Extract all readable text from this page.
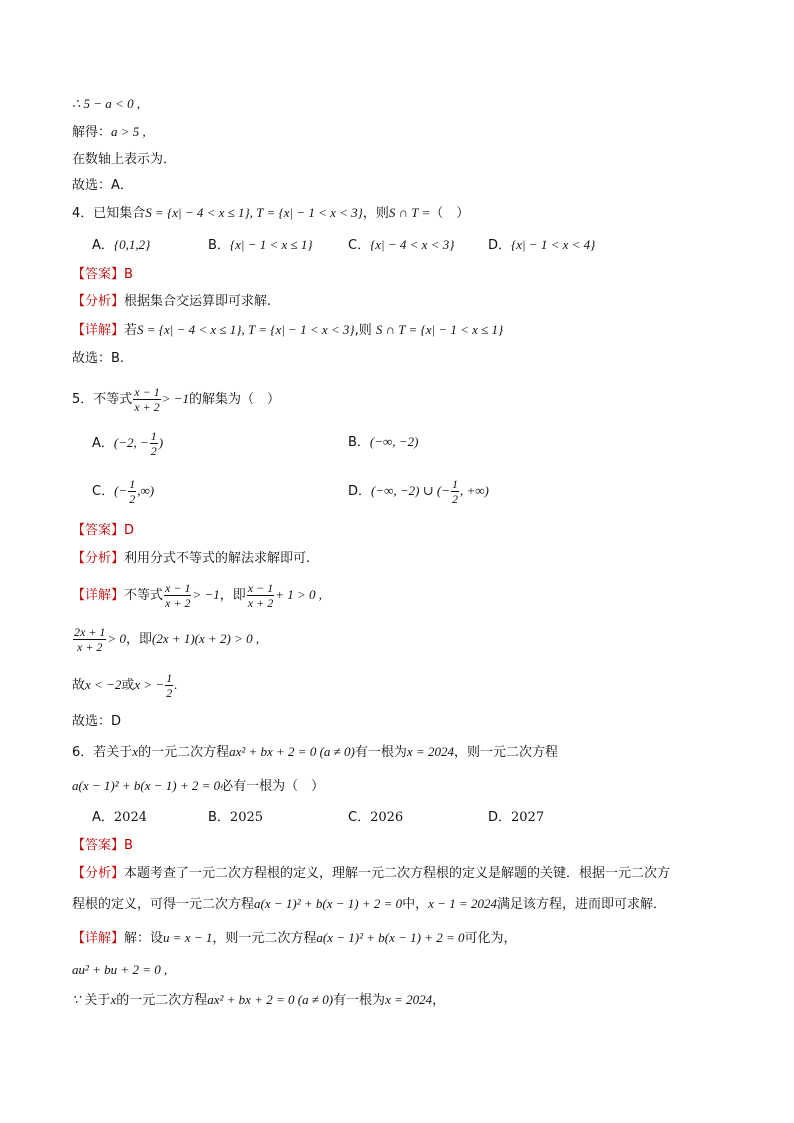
∴ 5 − a < 0 ,
解得：a > 5 ,
在数轴上表示为．
故选：A．
4．已知集合S = {x| − 4 < x ≤ 1}, T = {x| − 1 < x < 3}，则S ∩ T =（　）
A．{0,1,2}	B．{x| − 1 < x ≤ 1}	C．{x| − 4 < x < 3}	D．{x| − 1 < x < 4}
【答案】B
【分析】根据集合交运算即可求解.
【详解】若S = {x| − 4 < x ≤ 1}, T = {x| − 1 < x < 3},则 S ∩ T = {x| − 1 < x ≤ 1}
故选：B.
5．不等式 $\frac{x - 1}{x + 2} > -1$的解集为（　）
A．(−2, − $\frac{1}{2}$ )	B．(−∞, −2)
C．(− $\frac{1}{2}$ ,∞)	D．(−∞, −2) ∪ (− $\frac{1}{2}$ , +∞)
【答案】D
【分析】利用分式不等式的解法求解即可.
【详解】不等式 $\frac{x - 1}{x + 2} > -1$，即 $\frac{x - 1}{x + 2} + 1 > 0$ ,
$\frac{2x + 1}{x + 2} > 0$，即(2x + 1)(x + 2) > 0 ,
故x < −2或x > − $\frac{1}{2}$ .
故选：D
6．若关于x的一元二次方程ax² + bx + 2 = 0 (a ≠ 0)有一根为x = 2024，则一元二次方程
a(x − 1)² + b(x − 1) + 2 = 0必有一根为（　）
A．2024	B．2025	C．2026	D．2027
【答案】B
【分析】本题考查了一元二次方程根的定义，理解一元二次方程根的定义是解题的关键．根据一元二次方
程根的定义，可得一元二次方程a(x − 1)² + b(x − 1) + 2 = 0中，x − 1 = 2024满足该方程，进而即可求解．
【详解】解：设u = x − 1，则一元二次方程a(x − 1)² + b(x − 1) + 2 = 0可化为，
au² + bu + 2 = 0 ,
∵ 关于x的一元二次方程ax² + bx + 2 = 0 (a ≠ 0)有一根为x = 2024，
